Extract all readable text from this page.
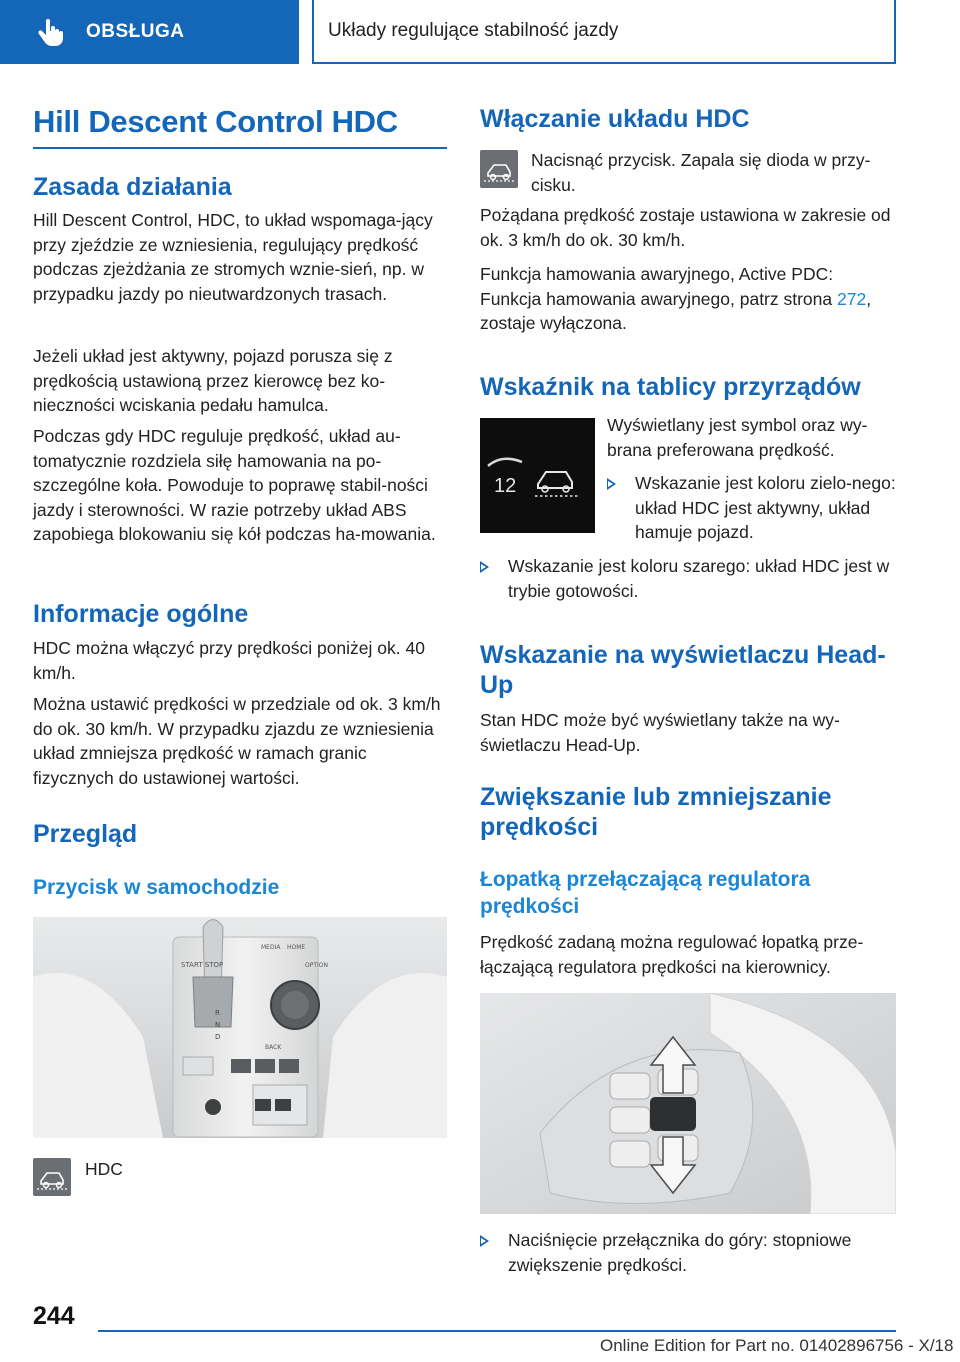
OBSŁUGA	Układy regulujące stabilność jazdy
Hill Descent Control HDC
Zasada działania
Hill Descent Control, HDC, to układ wspomaga-jący przy zjeździe ze wzniesienia, regulujący prędkość podczas zjeżdżania ze stromych wznie-sień, np. w przypadku jazdy po nieutwardzonych trasach.
Jeżeli układ jest aktywny, pojazd porusza się z prędkością ustawioną przez kierowcę bez ko-nieczności wciskania pedału hamulca.
Podczas gdy HDC reguluje prędkość, układ au-tomatycznie rozdziela siłę hamowania na po-szczególne koła. Powoduje to poprawę stabil-ności jazdy i sterowności. W razie potrzeby układ ABS zapobiega blokowaniu się kół podczas ha-mowania.
Informacje ogólne
HDC można włączyć przy prędkości poniżej ok. 40 km/h.
Można ustawić prędkości w przedziale od ok. 3 km/h do ok. 30 km/h. W przypadku zjazdu ze wzniesienia układ zmniejsza prędkość w ramach granic fizycznych do ustawionej wartości.
Przegląd
Przycisk w samochodzie
START STOP
MEDIA HOME
OPTION
BACK
R
N
D
HDC
Włączanie układu HDC
Nacisnąć przycisk. Zapala się dioda w przy-cisku.
Pożądana prędkość zostaje ustawiona w zakresie od ok. 3 km/h do ok. 30 km/h.
Funkcja hamowania awaryjnego, Active PDC: Funkcja hamowania awaryjnego, patrz strona 272, zostaje wyłączona.
Wskaźnik na tablicy przyrządów
12
Wyświetlany jest symbol oraz wy-brana preferowana prędkość.
Wskazanie jest koloru zielo-nego: układ HDC jest aktywny, układ hamuje pojazd.
Wskazanie jest koloru szarego: układ HDC jest w trybie gotowości.
Wskazanie na wyświetlaczu Head-Up
Stan HDC może być wyświetlany także na wy-świetlaczu Head-Up.
Zwiększanie lub zmniejszanie prędkości
Łopatką przełączającą regulatora prędkości
Prędkość zadaną można regulować łopatką prze-łączającą regulatora prędkości na kierownicy.
Naciśnięcie przełącznika do góry: stopniowe zwiększenie prędkości.
244
Online Edition for Part no. 01402896756 - X/18
